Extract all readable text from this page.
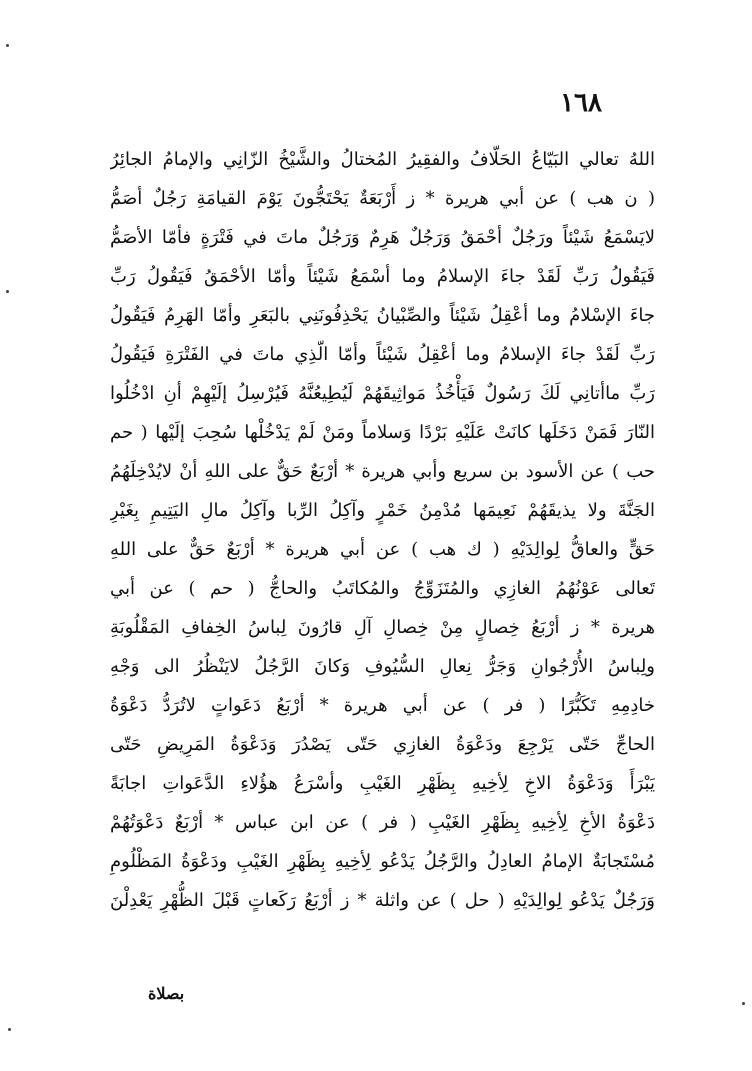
١٦٨
اللهُ تعالي البَيّاعُ الحَلّافُ والفقِيرُ المُختالُ والشَّيْخُ الزّانِي والإمامُ الجائِرُ
( ن هب ) عن أبي هريرة * ز أَرْبَعَةٌ يَحْتَجُّونَ يَوْمَ القيامَةِ رَجُلٌ أصَمُّ
لايَسْمَعُ شَيْئاً ورَجُلٌ أحْمَقُ وَرَجُلٌ هَرِمٌ وَرَجُلٌ ماتَ في فَتْرَةٍ فأمّا الأصَمُّ
فَيَقُولُ رَبِّ لَقَدْ جاءَ الإسلامُ وما أسْمَعُ شَيْئاً وأمّا الأحْمَقُ فَيَقُولُ رَبِّ
جاءَ الإسْلامُ وما أعْقِلُ شَيْئاً والصِّبْيانُ يَحْذِفُونَنِي بالبَعَرِ وأمّا الهَرِمُ فَيَقُولُ
رَبِّ لَقَدْ جاءَ الإسلامُ وما أعْقِلُ شَيْئاً وأمّا الّذِي ماتَ في الفَتْرَةِ فَيَقُولُ
رَبِّ ماأتانِي لَكَ رَسُولٌ فَيَأْخُذُ مَواثِيقَهُمْ لَيُطِيعُنَّهُ فَيُرْسِلُ إلَيْهِمْ أنِ ادْخُلُوا
النّارَ فَمَنْ دَخَلَها كانَتْ عَلَيْهِ بَرْدًا وَسلاماً ومَنْ لَمْ يَدْخُلْها سُحِبَ إلَيْها ( حم
حب ) عن الأسود بن سريع وأبي هريرة * أرْبَعٌ حَقٌّ على اللهِ أنْ لايُدْخِلَهُمُ
الجَنَّةَ ولا يذيقَهُمْ نَعِيمَها مُدْمِنُ خَمْرٍ وآكِلُ الرِّبا وآكِلُ مالِ اليَتِيمِ بِغَيْرِ
حَقٍّ والعاقُّ لِوالِدَيْهِ ( ك هب ) عن أبي هريرة * أرْبَعٌ حَقٌّ على اللهِ
تَعالى عَوْنُهُمُ الغازِي والمُتَزَوِّجُ والمُكاتَبُ والحاجُّ ( حم ) عن أبي
هريرة * ز أرْبَعُ خِصالٍ مِنْ خِصالِ آلِ قارُونَ لِباسُ الخِفافِ المَقْلُوبَةِ
ولِباسُ الأُرْجُوانِ وَجَرُّ نِعالِ السُّيُوفِ وَكانَ الرَّجُلُ لايَنْظُرُ الى وَجْهِ
خادِمِهِ تَكَبُّرًا ( فر ) عن أبي هريرة * أرْبَعُ دَعَواتٍ لاتُرَدُّ دَعْوَةُ
الحاجِّ حَتّى يَرْجِعَ ودَعْوَةُ الغازِي حَتّى يَصْدُرَ وَدَعْوَةُ المَرِيضِ حَتّى
يَبْرَأَ وَدَعْوَةُ الاخِ لِأخِيهِ بِظَهْرِ الغَيْبِ وأسْرَعُ هؤُلاءِ الدَّعَواتِ اجابَةً
دَعْوَةُ الأخِ لِأخِيهِ بِظَهْرِ الغَيْبِ ( فر ) عن ابن عباس * أرْبَعٌ دَعْوَتُهُمْ
مُسْتَجابَةٌ الإمامُ العادِلُ والرَّجُلُ يَدْعُو لِأخِيهِ بِظَهْرِ الغَيْبِ ودَعْوَةُ المَظْلُومِ
وَرَجُلٌ يَدْعُو لِوالِدَيْهِ ( حل ) عن واثلة * ز أرْبَعُ رَكَعاتٍ قَبْلَ الظُّهْرِ يَعْدِلْنَ
بصلاة
